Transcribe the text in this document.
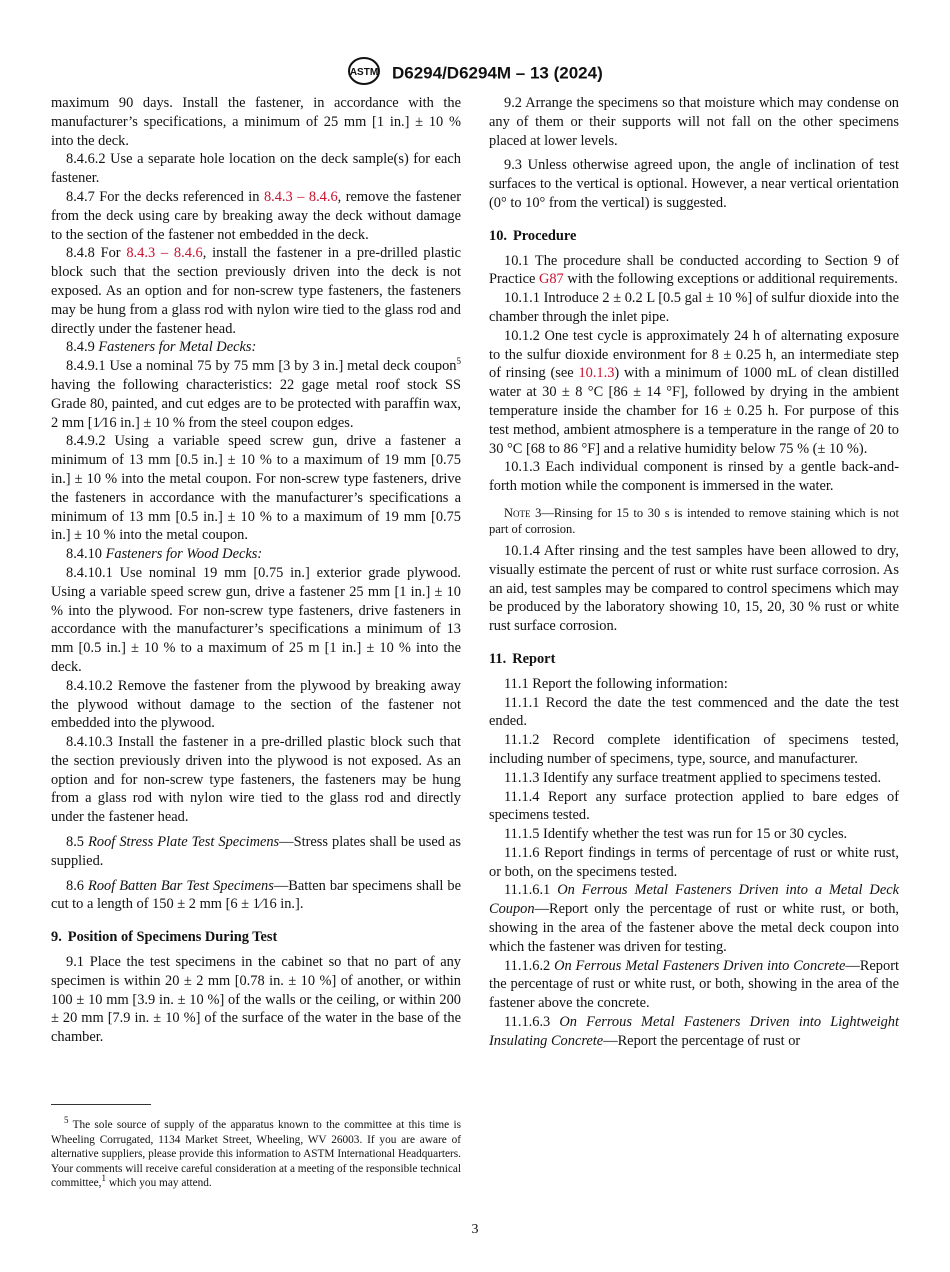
ASTM D6294/D6294M – 13 (2024)

maximum 90 days. Install the fastener, in accordance with the manufacturer’s specifications, a minimum of 25 mm [1 in.] ± 10 % into the deck.

8.4.6.2 Use a separate hole location on the deck sample(s) for each fastener.

8.4.7 For the decks referenced in 8.4.3 – 8.4.6, remove the fastener from the deck using care by breaking away the deck without damage to the section of the fastener not embedded in the deck.

8.4.8 For 8.4.3 – 8.4.6, install the fastener in a pre-drilled plastic block such that the section previously driven into the deck is not exposed. As an option and for non-screw type fasteners, the fasteners may be hung from a glass rod with nylon wire tied to the glass rod and directly under the fastener head.

8.4.9 Fasteners for Metal Decks:

8.4.9.1 Use a nominal 75 by 75 mm [3 by 3 in.] metal deck coupon$^5$ having the following characteristics: 22 gage metal roof stock SS Grade 80, painted, and cut edges are to be protected with paraffin wax, 2 mm [1⁄16 in.] ± 10 % from the steel coupon edges.

8.4.9.2 Using a variable speed screw gun, drive a fastener a minimum of 13 mm [0.5 in.] ± 10 % to a maximum of 19 mm [0.75 in.] ± 10 % into the metal coupon. For non-screw type fasteners, drive the fasteners in accordance with the manufacturer’s specifications a minimum of 13 mm [0.5 in.] ± 10 % to a maximum of 19 mm [0.75 in.] ± 10 % into the metal coupon.

8.4.10 Fasteners for Wood Decks:

8.4.10.1 Use nominal 19 mm [0.75 in.] exterior grade plywood. Using a variable speed screw gun, drive a fastener 25 mm [1 in.] ± 10 % into the plywood. For non-screw type fasteners, drive fasteners in accordance with the manufacturer’s specifications a minimum of 13 mm [0.5 in.] ± 10 % to a maximum of 25 m [1 in.] ± 10 % into the deck.

8.4.10.2 Remove the fastener from the plywood by breaking away the plywood without damage to the section of the fastener not embedded into the plywood.

8.4.10.3 Install the fastener in a pre-drilled plastic block such that the section previously driven into the plywood is not exposed. As an option and for non-screw type fasteners, the fasteners may be hung from a glass rod with nylon wire tied to the glass rod and directly under the fastener head.

8.5 Roof Stress Plate Test Specimens—Stress plates shall be used as supplied.

8.6 Roof Batten Bar Test Specimens—Batten bar specimens shall be cut to a length of 150 ± 2 mm [6 ± 1⁄16 in.].

9. Position of Specimens During Test

9.1 Place the test specimens in the cabinet so that no part of any specimen is within 20 ± 2 mm [0.78 in. ± 10 %] of another, or within 100 ± 10 mm [3.9 in. ± 10 %] of the walls or the ceiling, or within 200 ± 20 mm [7.9 in. ± 10 %] of the surface of the water in the base of the chamber.

$^5$ The sole source of supply of the apparatus known to the committee at this time is Wheeling Corrugated, 1134 Market Street, Wheeling, WV 26003. If you are aware of alternative suppliers, please provide this information to ASTM International Headquarters. Your comments will receive careful consideration at a meeting of the responsible technical committee,$^1$ which you may attend.

9.2 Arrange the specimens so that moisture which may condense on any of them or their supports will not fall on the other specimens placed at lower levels.

9.3 Unless otherwise agreed upon, the angle of inclination of test surfaces to the vertical is optional. However, a near vertical orientation (0° to 10° from the vertical) is suggested.

10. Procedure

10.1 The procedure shall be conducted according to Section 9 of Practice G87 with the following exceptions or additional requirements.

10.1.1 Introduce 2 ± 0.2 L [0.5 gal ± 10 %] of sulfur dioxide into the chamber through the inlet pipe.

10.1.2 One test cycle is approximately 24 h of alternating exposure to the sulfur dioxide environment for 8 ± 0.25 h, an intermediate step of rinsing (see 10.1.3) with a minimum of 1000 mL of clean distilled water at 30 ± 8 °C [86 ± 14 °F], followed by drying in the ambient temperature inside the chamber for 16 ± 0.25 h. For purpose of this test method, ambient atmosphere is a temperature in the range of 20 to 30 °C [68 to 86 °F] and a relative humidity below 75 % (± 10 %).

10.1.3 Each individual component is rinsed by a gentle back-and-forth motion while the component is immersed in the water.

Note 3—Rinsing for 15 to 30 s is intended to remove staining which is not part of corrosion.

10.1.4 After rinsing and the test samples have been allowed to dry, visually estimate the percent of rust or white rust surface corrosion. As an aid, test samples may be compared to control specimens which may be produced by the laboratory showing 10, 15, 20, 30 % rust or white rust surface corrosion.

11. Report

11.1 Report the following information:

11.1.1 Record the date the test commenced and the date the test ended.

11.1.2 Record complete identification of specimens tested, including number of specimens, type, source, and manufacturer.

11.1.3 Identify any surface treatment applied to specimens tested.

11.1.4 Report any surface protection applied to bare edges of specimens tested.

11.1.5 Identify whether the test was run for 15 or 30 cycles.

11.1.6 Report findings in terms of percentage of rust or white rust, or both, on the specimens tested.

11.1.6.1 On Ferrous Metal Fasteners Driven into a Metal Deck Coupon—Report only the percentage of rust or white rust, or both, showing in the area of the fastener above the metal deck coupon into which the fastener was driven for testing.

11.1.6.2 On Ferrous Metal Fasteners Driven into Concrete—Report the percentage of rust or white rust, or both, showing in the area of the fastener above the concrete.

11.1.6.3 On Ferrous Metal Fasteners Driven into Lightweight Insulating Concrete—Report the percentage of rust or

3
